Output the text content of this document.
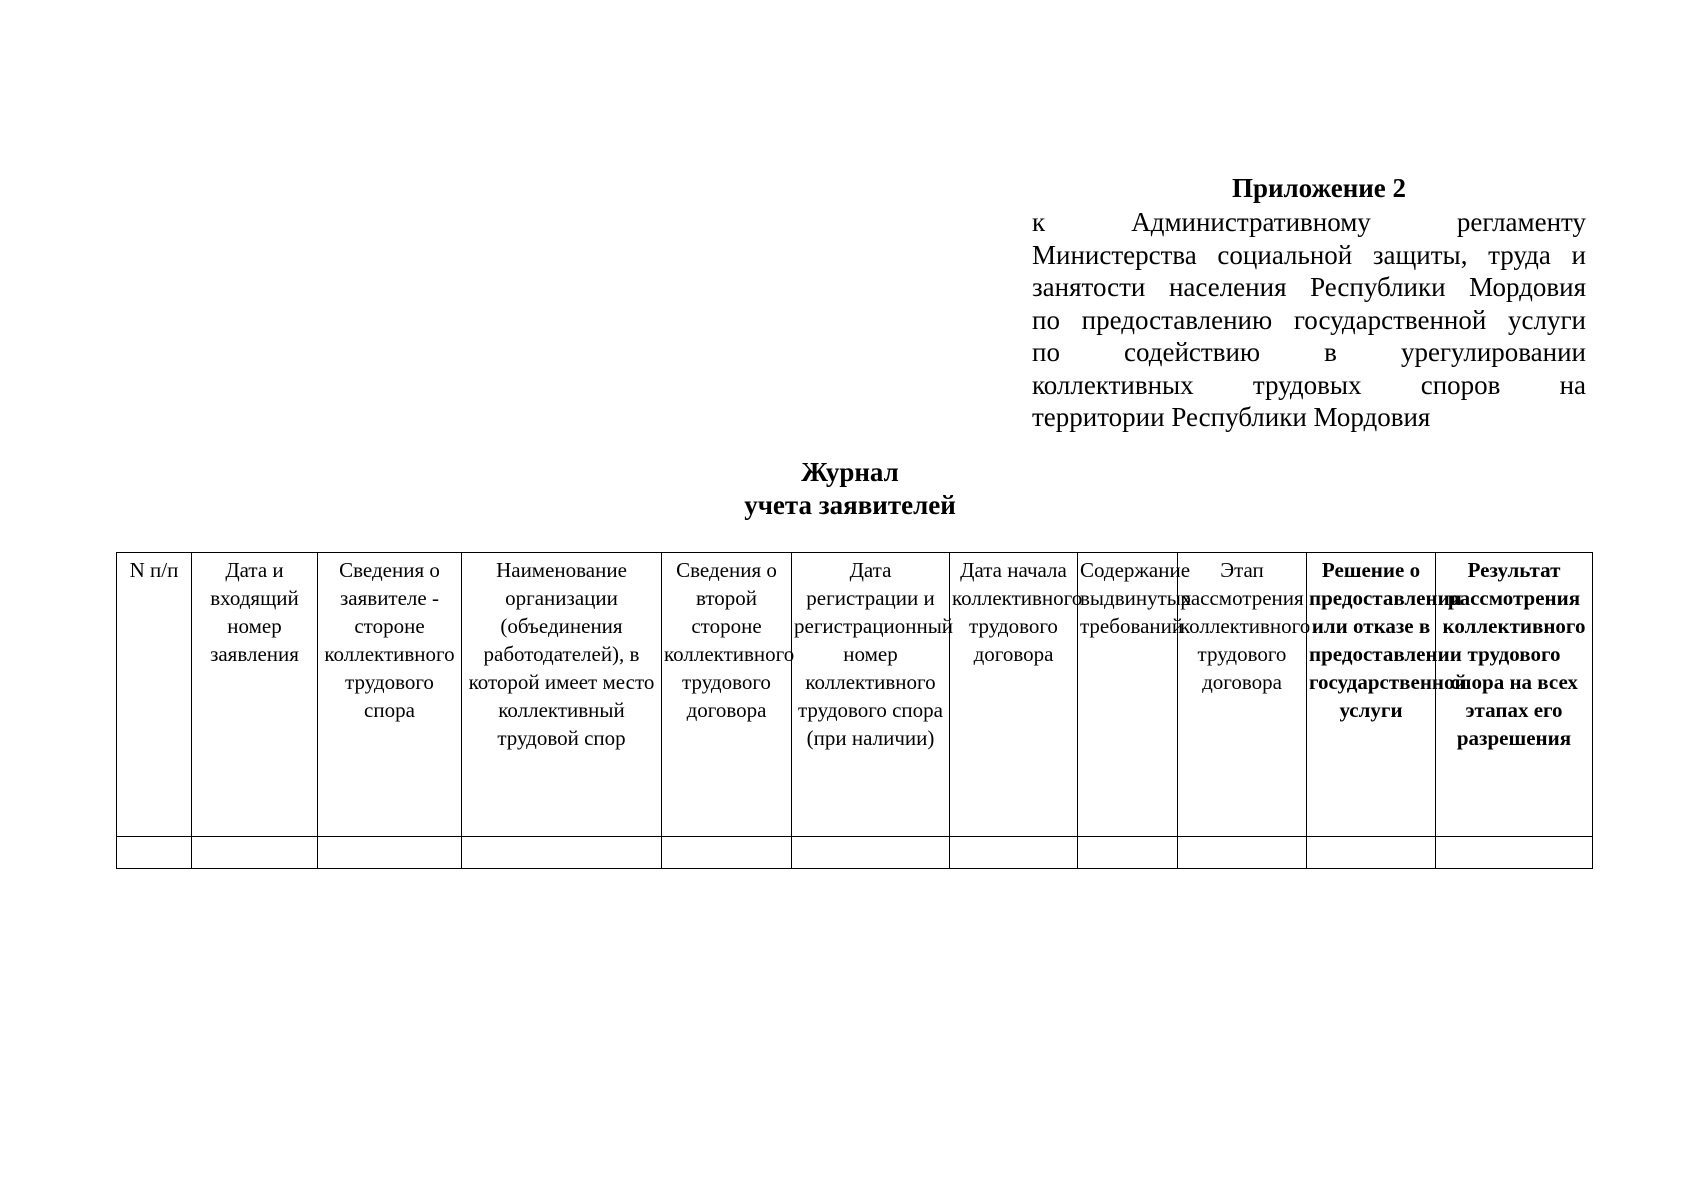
Приложение 2
к Административному регламенту
Министерства социальной защиты, труда и
занятости населения Республики Мордовия
по предоставлению государственной услуги
по содействию в урегулировании
коллективных трудовых споров на
территории Республики Мордовия
Журнал
учета заявителей
N п/п	Дата и входящий номер заявления	Сведения о заявителе - стороне коллективного трудового спора	Наименование организации (объединения работодателей), в которой имеет место коллективный трудовой спор	Сведения о второй стороне коллективного трудового договора	Дата регистрации и регистрационный номер коллективного трудового спора (при наличии)	Дата начала коллективного трудового договора	Содержание выдвинутых требований	Этап рассмотрения коллективного трудового договора	Решение о предоставлении или отказе в предоставлении государственной услуги	Результат рассмотрения коллективного трудового спора на всех этапах его разрешения
